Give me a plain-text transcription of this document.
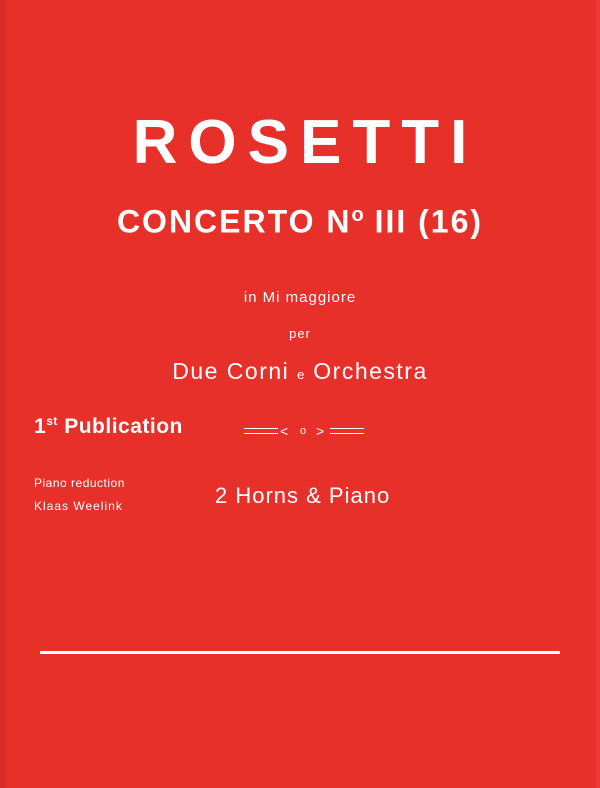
ROSETTI
CONCERTO $N^o$ III (16)
in Mi maggiore
per
Due Corni e Orchestra
1st Publication	< o >
Piano reduction
Klaas Weelink	2 Horns & Piano
